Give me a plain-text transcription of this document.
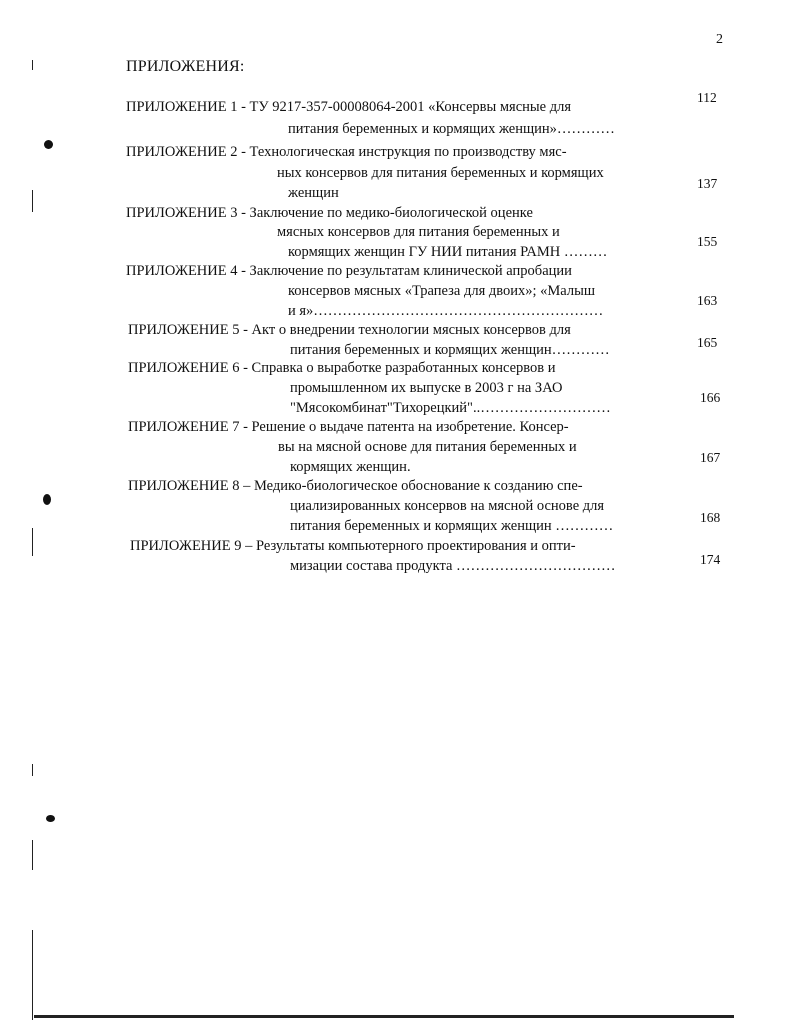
2
ПРИЛОЖЕНИЯ:
ПРИЛОЖЕНИЕ 1 - ТУ 9217-357-00008064-2001 «Консервы мясные для
питания беременных и кормящих женщин»…………
112
ПРИЛОЖЕНИЕ 2 - Технологическая инструкция по производству мяс-
ных консервов для питания беременных и кормящих
женщин
137
ПРИЛОЖЕНИЕ 3 - Заключение по медико-биологической оценке
мясных консервов для питания беременных и
кормящих женщин ГУ НИИ питания РАМН ………
155
ПРИЛОЖЕНИЕ 4 - Заключение по результатам клинической апробации
консервов мясных «Трапеза для двоих»; «Малыш
и я»……………………………………………………
163
ПРИЛОЖЕНИЕ 5 - Акт о внедрении технологии мясных консервов для
питания беременных и кормящих женщин…………	165
ПРИЛОЖЕНИЕ 6 - Справка о выработке разработанных консервов и
промышленном их выпуске в 2003 г на ЗАО
"Мясокомбинат"Тихорецкий"..………………………
166
ПРИЛОЖЕНИЕ 7 - Решение о выдаче патента на изобретение. Консер-
вы на мясной основе для питания беременных и
кормящих женщин.
167
ПРИЛОЖЕНИЕ 8 – Медико-биологическое обоснование к созданию спе-
циализированных консервов на мясной основе для
питания беременных и кормящих женщин …………
168
ПРИЛОЖЕНИЕ 9 – Результаты компьютерного проектирования и опти-
мизации состава продукта ……………………………	174
